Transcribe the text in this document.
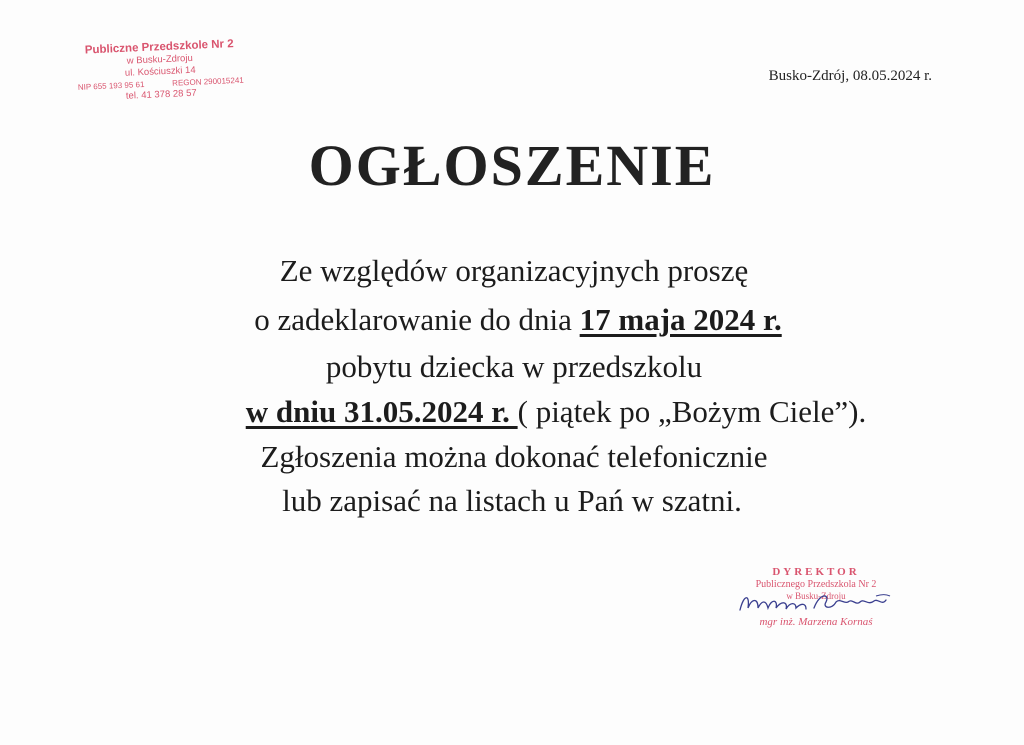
Publiczne Przedszkole Nr 2
w Busku-Zdroju
ul. Kościuszki 14
NIP 655 193 95 61	REGON 290015241
tel. 41 378 28 57
Busko-Zdrój, 08.05.2024 r.
OGŁOSZENIE
Ze względów organizacyjnych proszę
o zadeklarowanie do dnia 17 maja 2024 r.
pobytu dziecka w przedszkolu
w dniu 31.05.2024 r. ( piątek po „Bożym Ciele”).
Zgłoszenia można dokonać telefonicznie
lub zapisać na listach u Pań w szatni.
DYREKTOR
Publicznego Przedszkola Nr 2
w Busku-Zdroju
mgr inż. Marzena Kornaś
